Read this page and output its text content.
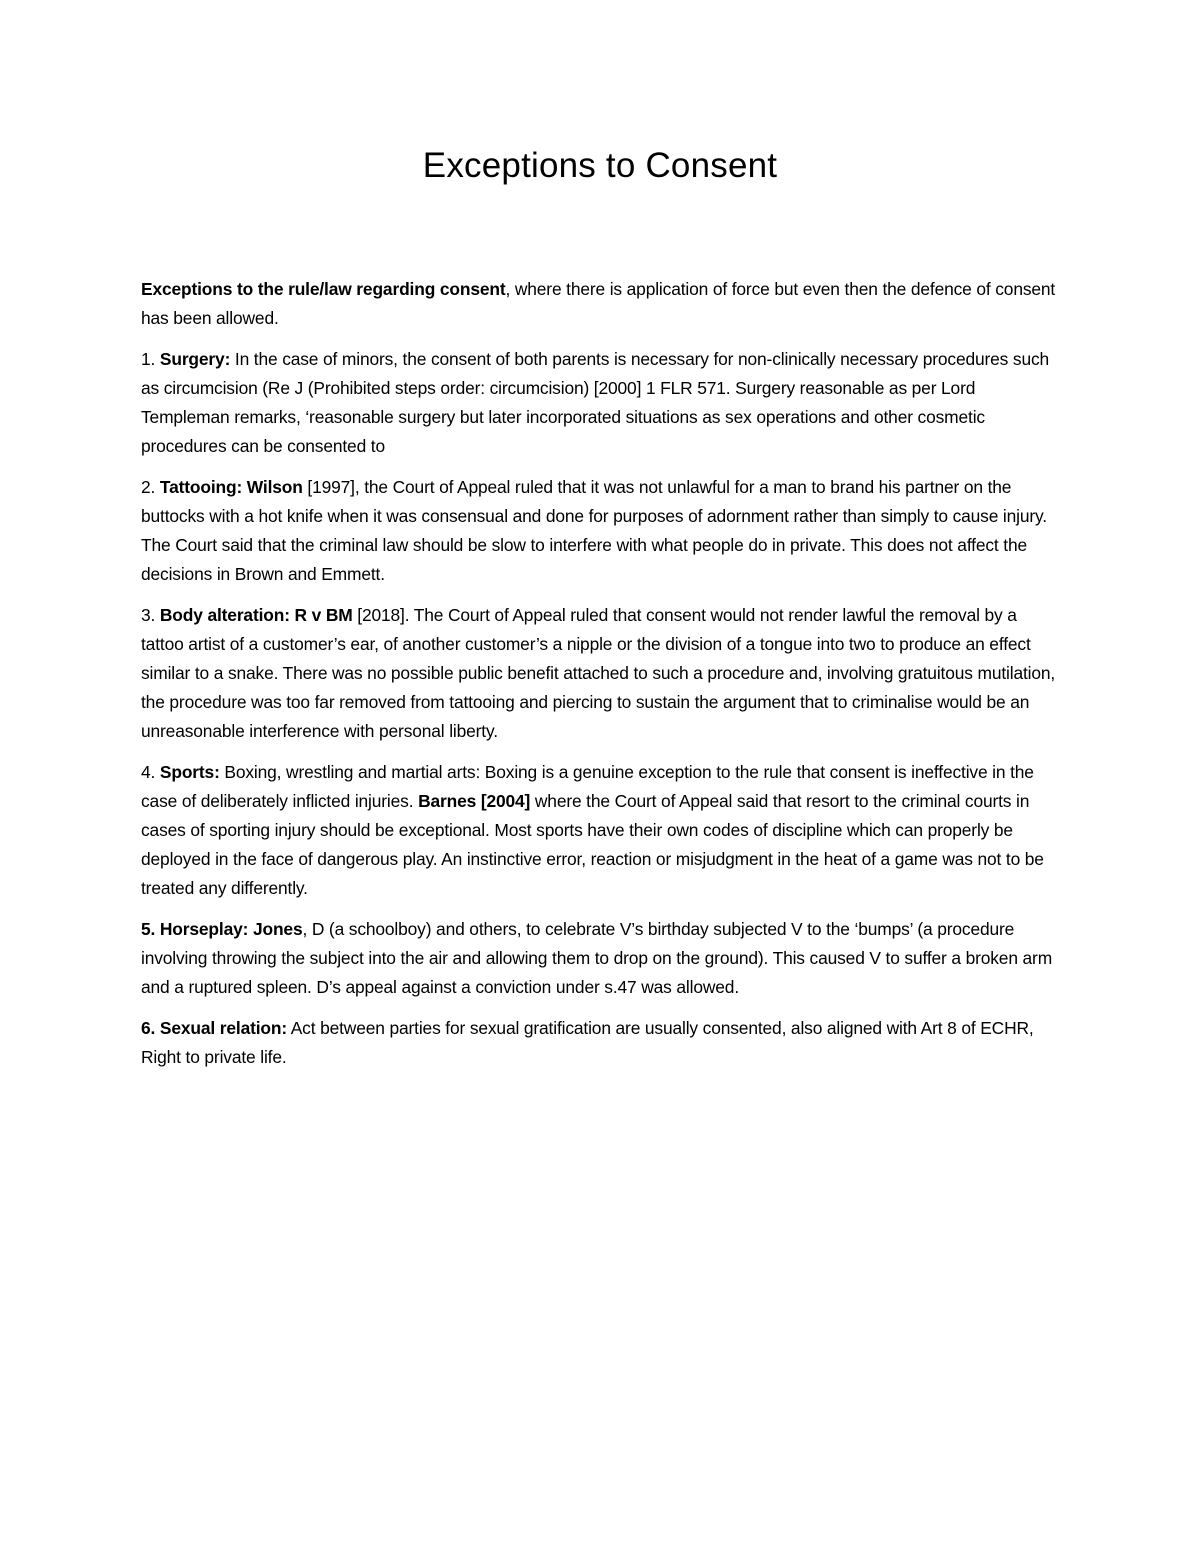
Exceptions to Consent

Exceptions to the rule/law regarding consent, where there is application of force but even then the defence of consent has been allowed.

1. Surgery: In the case of minors, the consent of both parents is necessary for non-clinically necessary procedures such as circumcision (Re J (Prohibited steps order: circumcision) [2000] 1 FLR 571. Surgery reasonable as per Lord Templeman remarks, ‘reasonable surgery but later incorporated situations as sex operations and other cosmetic procedures can be consented to

2. Tattooing: Wilson [1997], the Court of Appeal ruled that it was not unlawful for a man to brand his partner on the buttocks with a hot knife when it was consensual and done for purposes of adornment rather than simply to cause injury. The Court said that the criminal law should be slow to interfere with what people do in private. This does not affect the decisions in Brown and Emmett.

3. Body alteration: R v BM [2018]. The Court of Appeal ruled that consent would not render lawful the removal by a tattoo artist of a customer’s ear, of another customer’s a nipple or the division of a tongue into two to produce an effect similar to a snake. There was no possible public benefit attached to such a procedure and, involving gratuitous mutilation, the procedure was too far removed from tattooing and piercing to sustain the argument that to criminalise would be an unreasonable interference with personal liberty.

4. Sports: Boxing, wrestling and martial arts: Boxing is a genuine exception to the rule that consent is ineffective in the case of deliberately inflicted injuries. Barnes [2004] where the Court of Appeal said that resort to the criminal courts in cases of sporting injury should be exceptional. Most sports have their own codes of discipline which can properly be deployed in the face of dangerous play. An instinctive error, reaction or misjudgment in the heat of a game was not to be treated any differently.

5. Horseplay: Jones, D (a schoolboy) and others, to celebrate V’s birthday subjected V to the ‘bumps’ (a procedure involving throwing the subject into the air and allowing them to drop on the ground). This caused V to suffer a broken arm and a ruptured spleen. D’s appeal against a conviction under s.47 was allowed.

6. Sexual relation: Act between parties for sexual gratification are usually consented, also aligned with Art 8 of ECHR, Right to private life.
